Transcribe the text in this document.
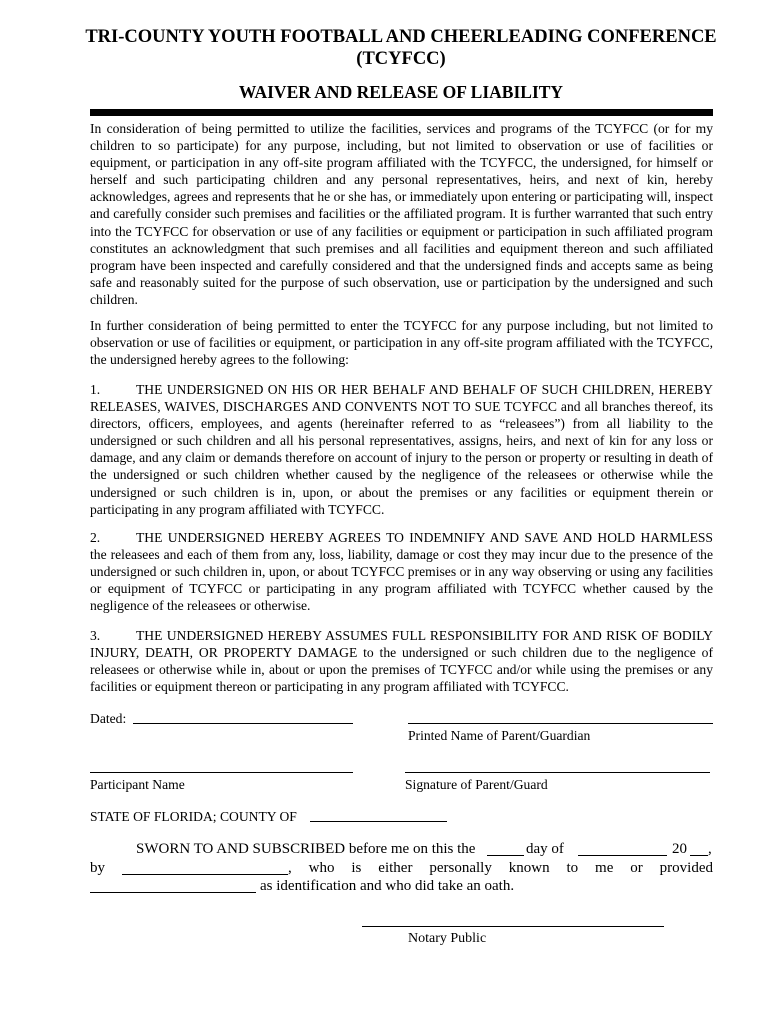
TRI-COUNTY YOUTH FOOTBALL AND CHEERLEADING CONFERENCE
(TCYFCC)
WAIVER AND RELEASE OF LIABILITY

In consideration of being permitted to utilize the facilities, services and programs of the TCYFCC (or for my children to so participate) for any purpose, including, but not limited to observation or use of facilities or equipment, or participation in any off-site program affiliated with the TCYFCC, the undersigned, for himself or herself and such participating children and any personal representatives, heirs, and next of kin, hereby acknowledges, agrees and represents that he or she has, or immediately upon entering or participating will, inspect and carefully consider such premises and facilities or the affiliated program. It is further warranted that such entry into the TCYFCC for observation or use of any facilities or equipment or participation in such affiliated program constitutes an acknowledgment that such premises and all facilities and equipment thereon and such affiliated program have been inspected and carefully considered and that the undersigned finds and accepts same as being safe and reasonably suited for the purpose of such observation, use or participation by the undersigned and such children.

In further consideration of being permitted to enter the TCYFCC for any purpose including, but not limited to observation or use of facilities or equipment, or participation in any off-site program affiliated with the TCYFCC, the undersigned hereby agrees to the following:

1.	THE UNDERSIGNED ON HIS OR HER BEHALF AND BEHALF OF SUCH CHILDREN, HEREBY RELEASES, WAIVES, DISCHARGES AND CONVENTS NOT TO SUE TCYFCC and all branches thereof, its directors, officers, employees, and agents (hereinafter referred to as “releasees”) from all liability to the undersigned or such children and all his personal representatives, assigns, heirs, and next of kin for any loss or damage, and any claim or demands therefore on account of injury to the person or property or resulting in death of the undersigned or such children whether caused by the negligence of the releasees or otherwise while the undersigned or such children is in, upon, or about the premises or any facilities or equipment therein or participating in any program affiliated with TCYFCC.

2.	THE UNDERSIGNED HEREBY AGREES TO INDEMNIFY AND SAVE AND HOLD HARMLESS the releasees and each of them from any, loss, liability, damage or cost they may incur due to the presence of the undersigned or such children in, upon, or about TCYFCC premises or in any way observing or using any facilities or equipment of TCYFCC or participating in any program affiliated with TCYFCC whether caused by the negligence of the releasees or otherwise.

3.	THE UNDERSIGNED HEREBY ASSUMES FULL RESPONSIBILITY FOR AND RISK OF BODILY INJURY, DEATH, OR PROPERTY DAMAGE to the undersigned or such children due to the negligence of releasees or otherwise while in, about or upon the premises of TCYFCC and/or while using the premises or any facilities or equipment thereon or participating in any program affiliated with TCYFCC.

Dated:
Printed Name of Parent/Guardian
Participant Name	Signature of Parent/Guard
STATE OF FLORIDA; COUNTY OF
SWORN TO AND SUBSCRIBED before me on this the	day of	20 ,
by	, who is either personally known to me or provided
as identification and who did take an oath.
Notary Public
